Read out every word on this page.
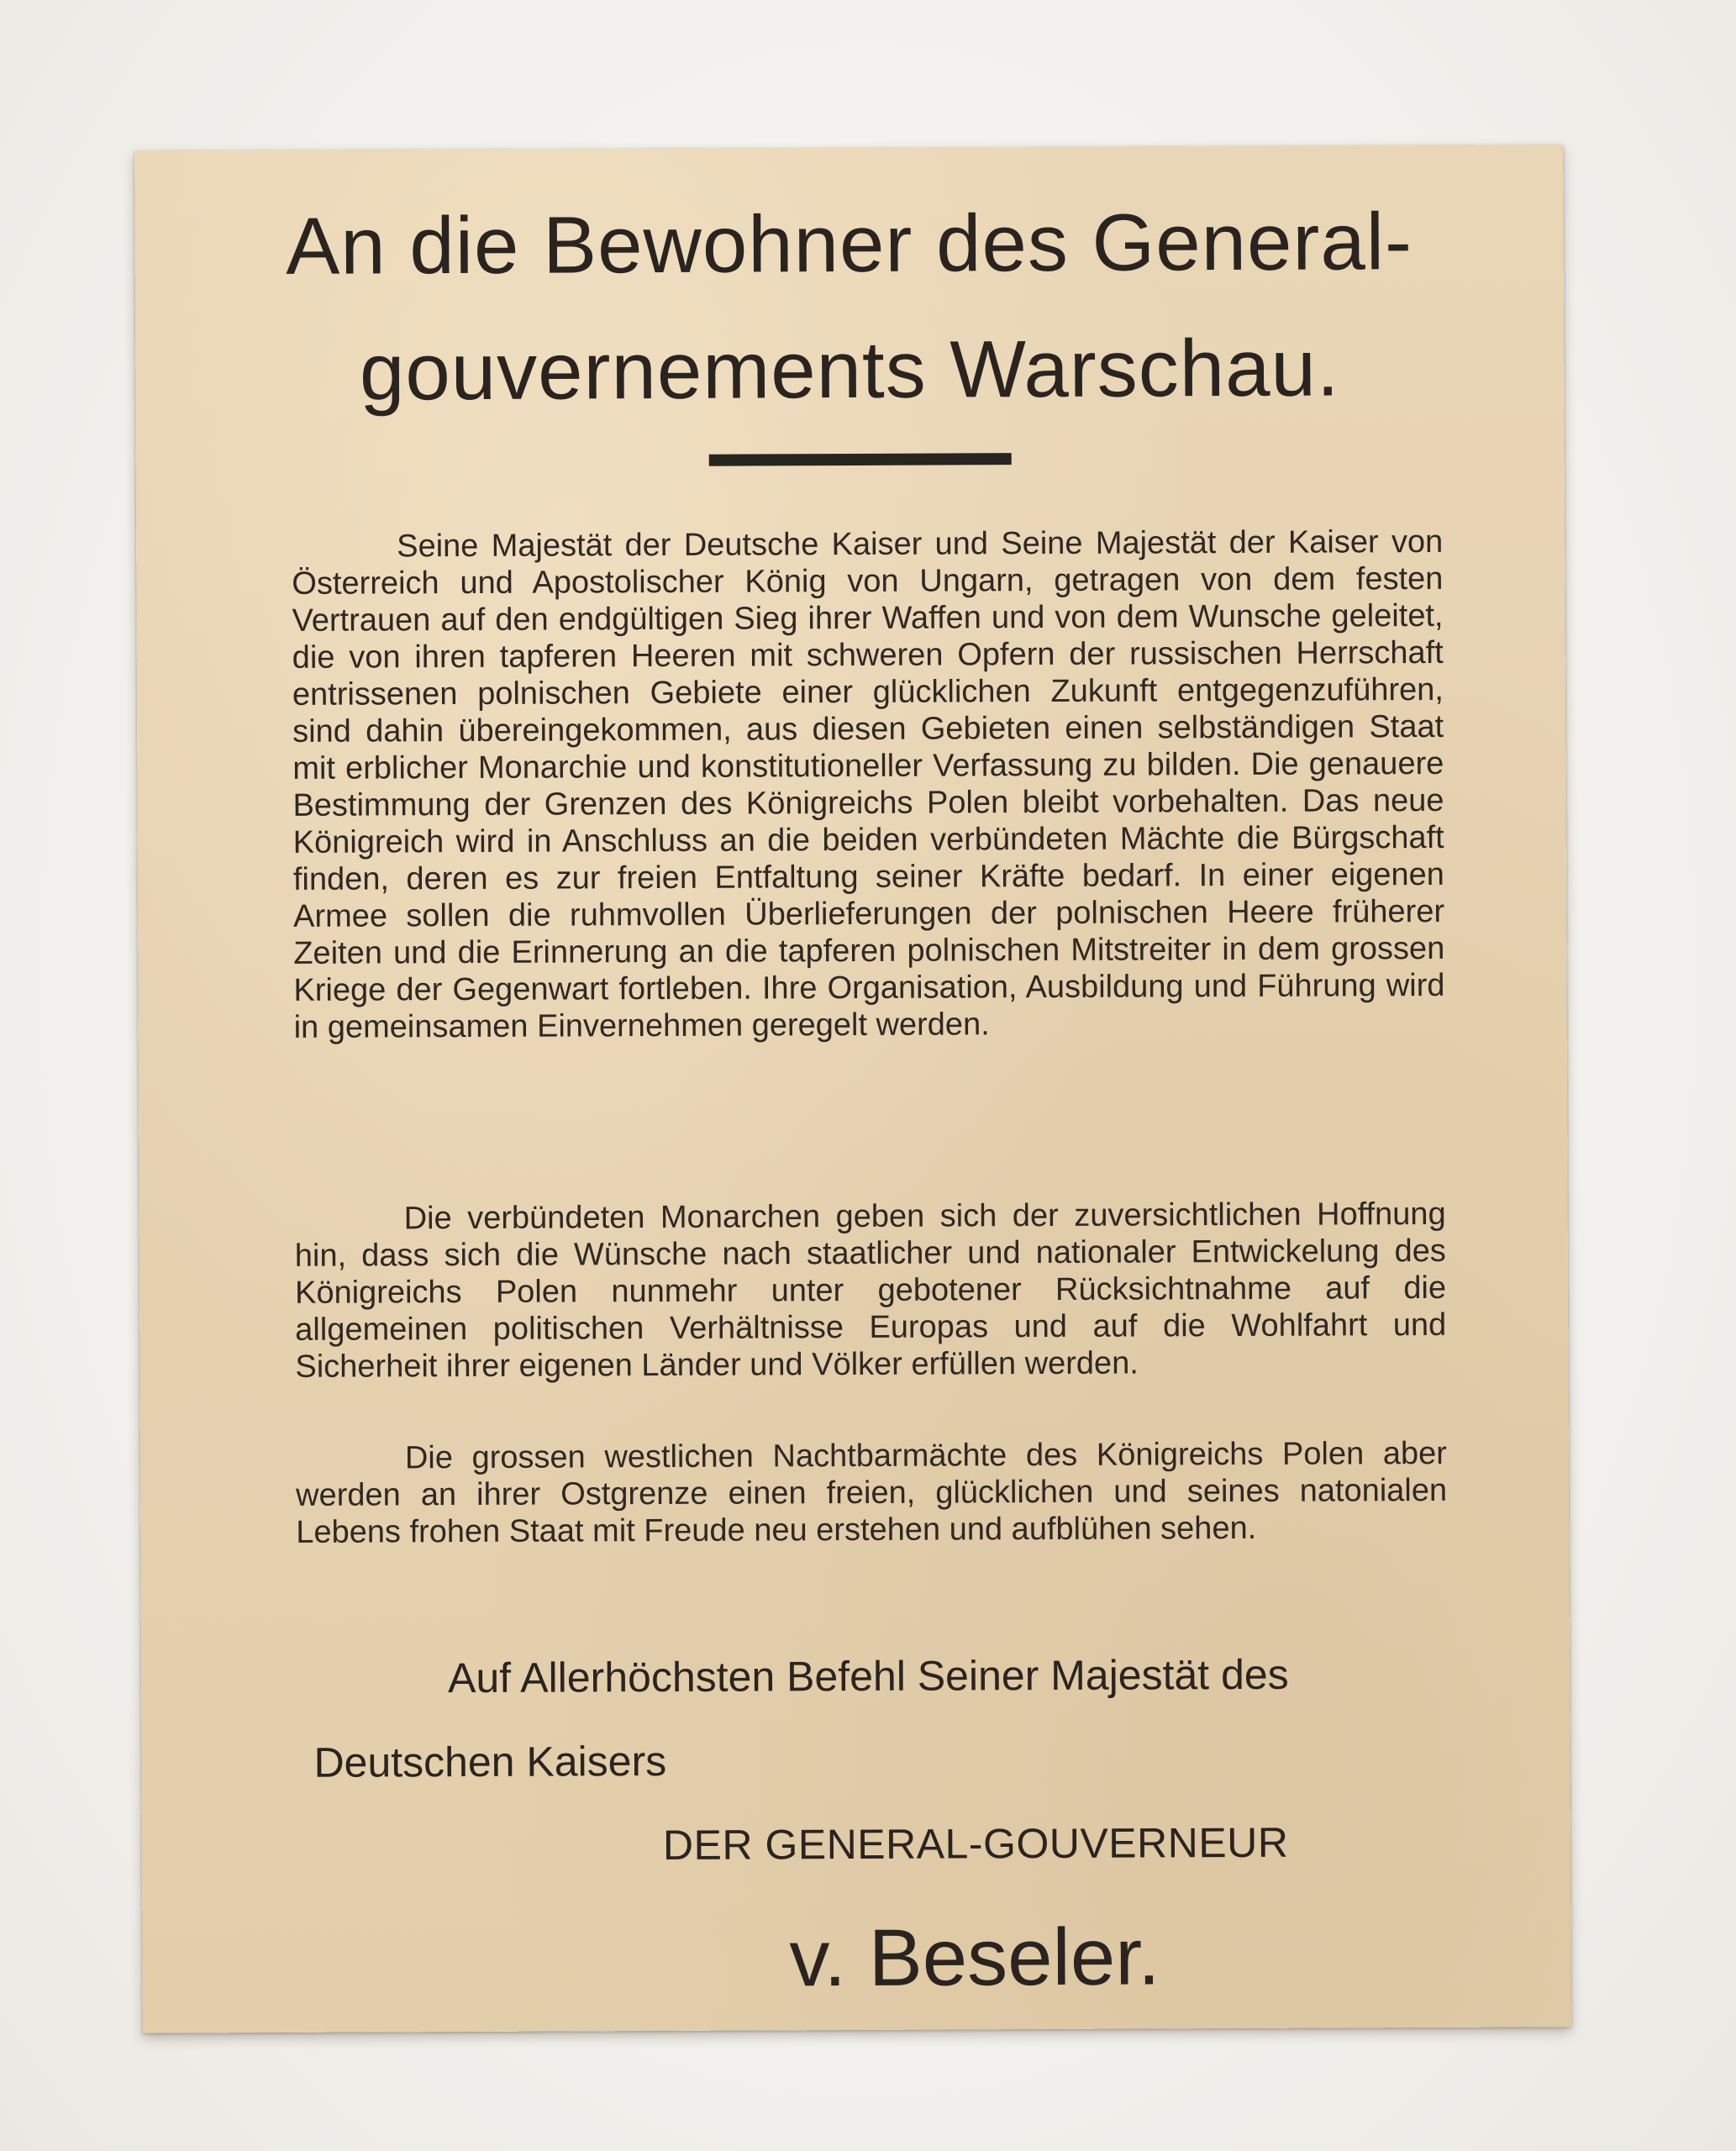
An die Bewohner des General-
gouvernements Warschau.

Seine Majestät der Deutsche Kaiser und Seine Majestät der Kaiser von Österreich und Apostolischer König von Ungarn, getragen von dem festen Vertrauen auf den endgültigen Sieg ihrer Waffen und von dem Wunsche geleitet, die von ihren tapferen Heeren mit schweren Opfern der russischen Herrschaft entrissenen polnischen Gebiete einer glücklichen Zukunft entgegenzuführen, sind dahin übereingekommen, aus diesen Gebieten einen selbständigen Staat mit erblicher Monarchie und konstitutioneller Verfassung zu bilden. Die genauere Bestimmung der Grenzen des Königreichs Polen bleibt vorbehalten. Das neue Königreich wird in Anschluss an die beiden verbündeten Mächte die Bürgschaft finden, deren es zur freien Entfaltung seiner Kräfte bedarf. In einer eigenen Armee sollen die ruhmvollen Überlieferungen der polnischen Heere früherer Zeiten und die Erinnerung an die tapferen polnischen Mitstreiter in dem grossen Kriege der Gegenwart fortleben. Ihre Organisation, Ausbildung und Führung wird in gemeinsamen Einvernehmen geregelt werden.

Die verbündeten Monarchen geben sich der zuversichtlichen Hoffnung hin, dass sich die Wünsche nach staatlicher und nationaler Entwickelung des Königreichs Polen nunmehr unter gebotener Rücksichtnahme auf die allgemeinen politischen Verhältnisse Europas und auf die Wohlfahrt und Sicherheit ihrer eigenen Länder und Völker erfüllen werden.

Die grossen westlichen Nachtbarmächte des Königreichs Polen aber werden an ihrer Ostgrenze einen freien, glücklichen und seines natonialen Lebens frohen Staat mit Freude neu erstehen und aufblühen sehen.

Auf Allerhöchsten Befehl Seiner Majestät des

Deutschen Kaisers

DER GENERAL-GOUVERNEUR

v. Beseler.
